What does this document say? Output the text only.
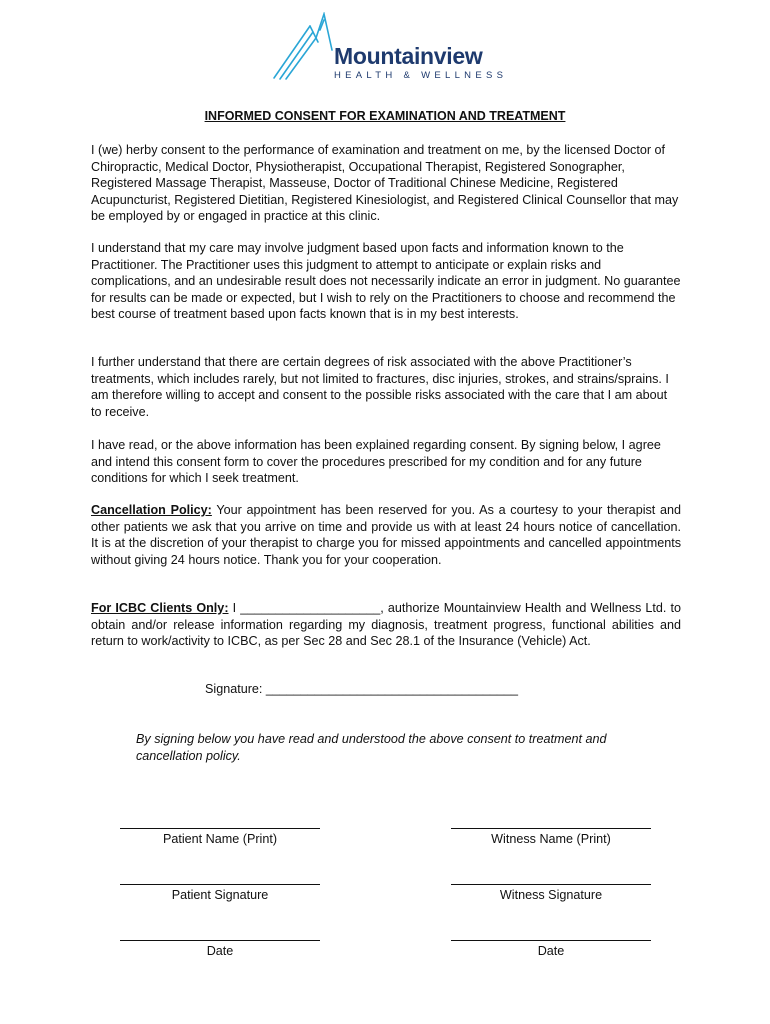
Mountainview
HEALTH & WELLNESS
INFORMED CONSENT FOR EXAMINATION AND TREATMENT

I (we) herby consent to the performance of examination and treatment on me, by the licensed Doctor of Chiropractic, Medical Doctor, Physiotherapist, Occupational Therapist, Registered Sonographer, Registered Massage Therapist, Masseuse, Doctor of Traditional Chinese Medicine, Registered Acupuncturist, Registered Dietitian, Registered Kinesiologist, and Registered Clinical Counsellor that may be employed by or engaged in practice at this clinic.

I understand that my care may involve judgment based upon facts and information known to the Practitioner. The Practitioner uses this judgment to attempt to anticipate or explain risks and complications, and an undesirable result does not necessarily indicate an error in judgment. No guarantee for results can be made or expected, but I wish to rely on the Practitioners to choose and recommend the best course of treatment based upon facts known that is in my best interests.

I further understand that there are certain degrees of risk associated with the above Practitioner’s treatments, which includes rarely, but not limited to fractures, disc injuries, strokes, and strains/sprains. I am therefore willing to accept and consent to the possible risks associated with the care that I am about to receive.

I have read, or the above information has been explained regarding consent. By signing below, I agree and intend this consent form to cover the procedures prescribed for my condition and for any future conditions for which I seek treatment.

Cancellation Policy: Your appointment has been reserved for you. As a courtesy to your therapist and other patients we ask that you arrive on time and provide us with at least 24 hours notice of cancellation. It is at the discretion of your therapist to charge you for missed appointments and cancelled appointments without giving 24 hours notice. Thank you for your cooperation.

For ICBC Clients Only: I ____________________, authorize Mountainview Health and Wellness Ltd. to obtain and/or release information regarding my diagnosis, treatment progress, functional abilities and return to work/activity to ICBC, as per Sec 28 and Sec 28.1 of the Insurance (Vehicle) Act.

Signature: ____________________________________

By signing below you have read and understood the above consent to treatment and cancellation policy.

Patient Name (Print)	Witness Name (Print)
Patient Signature	Witness Signature
Date	Date
